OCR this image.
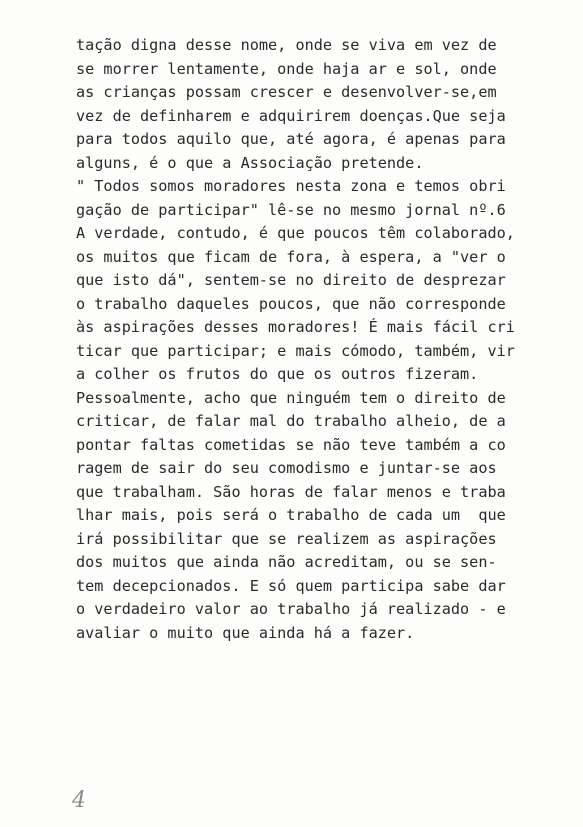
tação digna desse nome, onde se viva em vez de
se morrer lentamente, onde haja ar e sol, onde
as crianças possam crescer e desenvolver-se,em
vez de definharem e adquirirem doenças.Que seja
para todos aquilo que, até agora, é apenas para
alguns, é o que a Associação pretende.
" Todos somos moradores nesta zona e temos obri
gação de participar" lê-se no mesmo jornal nº.6
A verdade, contudo, é que poucos têm colaborado,
os muitos que ficam de fora, à espera, a "ver o
que isto dá", sentem-se no direito de desprezar
o trabalho daqueles poucos, que não corresponde
às aspirações desses moradores! É mais fácil cri
ticar que participar; e mais cómodo, também, vir
a colher os frutos do que os outros fizeram.
Pessoalmente, acho que ninguém tem o direito de
criticar, de falar mal do trabalho alheio, de a
pontar faltas cometidas se não teve também a co
ragem de sair do seu comodismo e juntar-se aos
que trabalham. São horas de falar menos e traba
lhar mais, pois será o trabalho de cada um  que
irá possibilitar que se realizem as aspirações
dos muitos que ainda não acreditam, ou se sen-
tem decepcionados. E só quem participa sabe dar
o verdadeiro valor ao trabalho já realizado - e
avaliar o muito que ainda há a fazer.
4
